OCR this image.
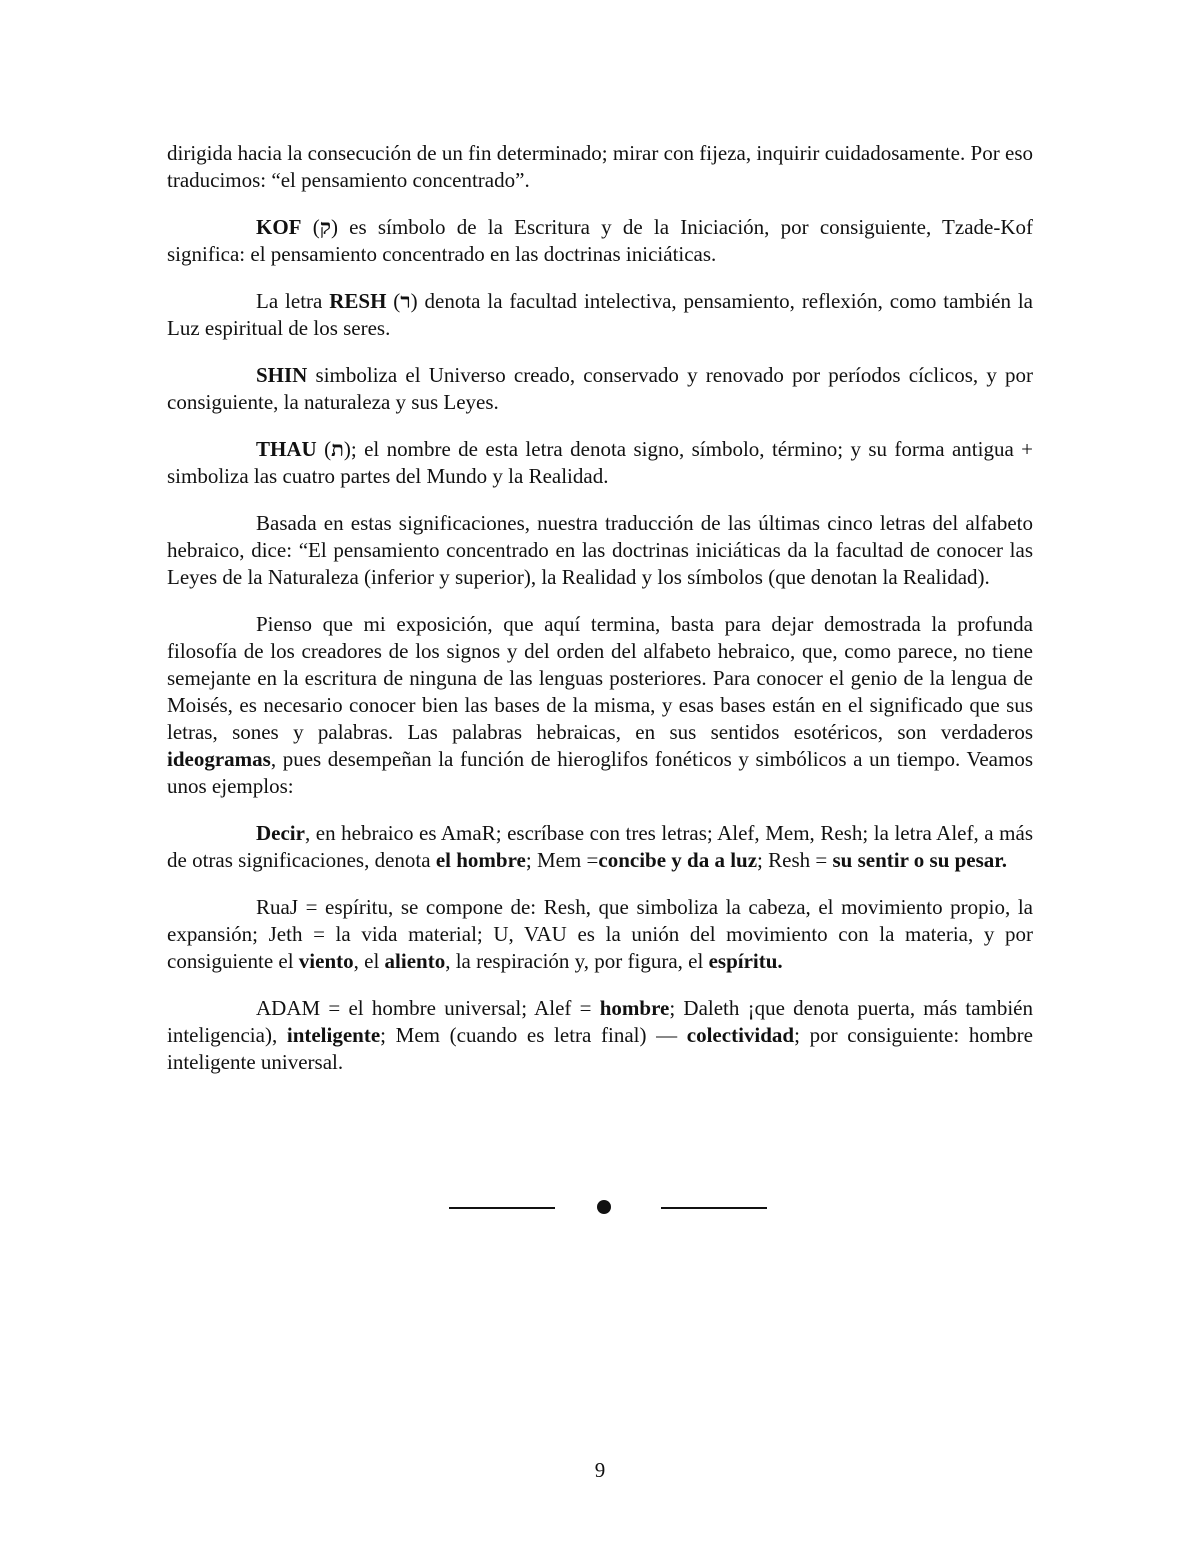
dirigida hacia la consecución de un fin determinado; mirar con fijeza, inquirir cuidadosamente. Por eso traducimos: “el pensamiento concentrado”.

KOF (ק) es símbolo de la Escritura y de la Iniciación, por consiguiente, Tzade-Kof significa: el pensamiento concentrado en las doctrinas iniciáticas.

La letra RESH (ר) denota la facultad intelectiva, pensamiento, reflexión, como también la Luz espiritual de los seres.

SHIN simboliza el Universo creado, conservado y renovado por períodos cíclicos, y por consiguiente, la naturaleza y sus Leyes.

THAU (ת); el nombre de esta letra denota signo, símbolo, término; y su forma antigua + simboliza las cuatro partes del Mundo y la Realidad.

Basada en estas significaciones, nuestra traducción de las últimas cinco letras del alfabeto hebraico, dice: “El pensamiento concentrado en las doctrinas iniciáticas da la facultad de conocer las Leyes de la Naturaleza (inferior y superior), la Realidad y los símbolos (que denotan la Realidad).

Pienso que mi exposición, que aquí termina, basta para dejar demostrada la profunda filosofía de los creadores de los signos y del orden del alfabeto hebraico, que, como parece, no tiene semejante en la escritura de ninguna de las lenguas posteriores. Para conocer el genio de la lengua de Moisés, es necesario conocer bien las bases de la misma, y esas bases están en el significado que sus letras, sones y palabras. Las palabras hebraicas, en sus sentidos esotéricos, son verdaderos ideogramas, pues desempeñan la función de hieroglifos fonéticos y simbólicos a un tiempo. Veamos unos ejemplos:

Decir, en hebraico es AmaR; escríbase con tres letras; Alef, Mem, Resh; la letra Alef, a más de otras significaciones, denota el hombre; Mem =concibe y da a luz; Resh = su sentir o su pesar.

RuaJ = espíritu, se compone de: Resh, que simboliza la cabeza, el movimiento propio, la expansión; Jeth = la vida material; U, VAU es la unión del movimiento con la materia, y por consiguiente el viento, el aliento, la respiración y, por figura, el espíritu.

ADAM = el hombre universal; Alef = hombre; Daleth ¡que denota puerta, más también inteligencia), inteligente; Mem (cuando es letra final) — colectividad; por consiguiente: hombre inteligente universal.

9
